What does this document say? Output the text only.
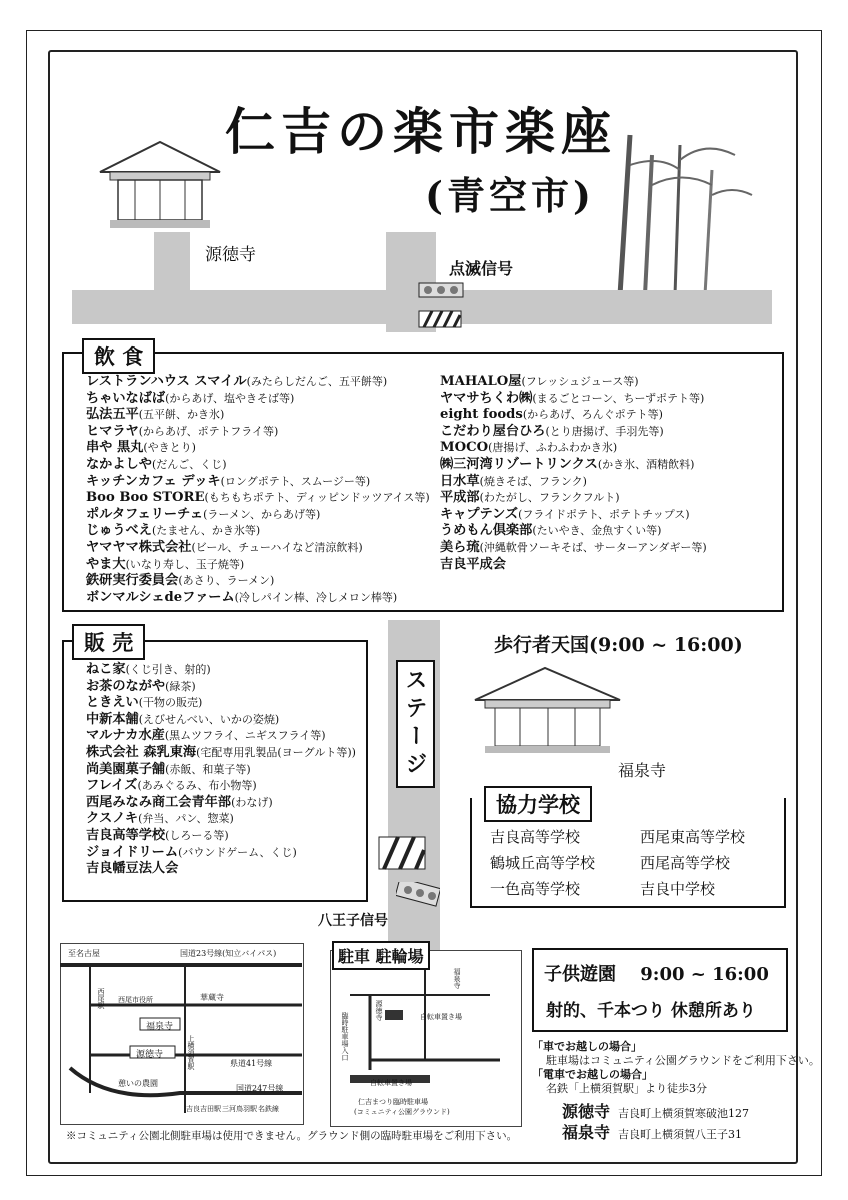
仁吉の楽市楽座
(青空市)
源徳寺
点滅信号
飲 食
レストランハウス スマイル(みたらしだんご、五平餅等)
ちゃいなばば(からあげ、塩やきそば等)
弘法五平(五平餅、かき氷)
ヒマラヤ(からあげ、ポテトフライ等)
串や 黒丸(やきとり)
なかよしや(だんご、くじ)
キッチンカフェ デッキ(ロングポテト、スムージー等)
Boo Boo STORE(もちもちポテト、ディッピンドッツアイス等)
ポルタフェリーチェ(ラーメン、からあげ等)
じゅうべえ(たません、かき氷等)
ヤマヤマ株式会社(ビール、チューハイなど清涼飲料)
やま大(いなり寿し、玉子焼等)
鉄研実行委員会(あさり、ラーメン)
ボンマルシェdeファーム(冷しパイン棒、冷しメロン棒等)
MAHALO屋(フレッシュジュース等)
ヤマサちくわ㈱(まるごとコーン、ちーずポテト等)
eight foods(からあげ、ろんぐポテト等)
こだわり屋台ひろ(とり唐揚げ、手羽先等)
MOCO(唐揚げ、ふわふわかき氷)
㈱三河湾リゾートリンクス(かき氷、酒精飲料)
日水草(焼きそば、フランク)
平成部(わたがし、フランクフルト)
キャプテンズ(フライドポテト、ポテトチップス)
うめもん倶楽部(たいやき、金魚すくい等)
美ら琉(沖縄軟骨ソーキそば、サーターアンダギー等)
吉良平成会
ステージ
販 売
ねこ家(くじ引き、射的)
お茶のながや(緑茶)
ときえい(干物の販売)
中新本舗(えびせんべい、いかの姿焼)
マルナカ水産(黒ムツフライ、ニギスフライ等)
株式会社 森乳東海(宅配専用乳製品(ヨーグルト等))
尚美園菓子舗(赤飯、和菓子等)
フレイズ(あみぐるみ、布小物等)
西尾みなみ商工会青年部(わなげ)
クスノキ(弁当、パン、惣菜)
吉良高等学校(しろーる等)
ジョイドリーム(バウンドゲーム、くじ)
吉良幡豆法人会
歩行者天国(9:00 ~ 16:00)
福泉寺
協力学校
吉良高等学校
鶴城丘高等学校
一色高等学校
西尾東高等学校
西尾高等学校
吉良中学校
八王子信号
至名古屋	国道23号線(知立バイパス)
西尾駅 西尾市役所	華蔵寺
福泉寺
源徳寺	上横須賀駅	県道41号線
憩いの農園
国道247号線
吉良吉田駅 三河鳥羽駅 名鉄線
駐車 駐輪場
福泉寺
源徳寺	自転車置き場
臨時駐車場入口
自転車置き場
仁吉まつり臨時駐車場
(コミュニティ公園グラウンド)
子供遊園 9:00 ~ 16:00
射的、千本つり 休憩所あり
「車でお越しの場合」
駐車場はコミュニティ公園グラウンドをご利用下さい。
「電車でお越しの場合」
名鉄「上横須賀駅」より徒歩3分
源徳寺 吉良町上横須賀寒破池127
福泉寺 吉良町上横須賀八王子31
※コミュニティ公園北側駐車場は使用できません。グラウンド側の臨時駐車場をご利用下さい。
